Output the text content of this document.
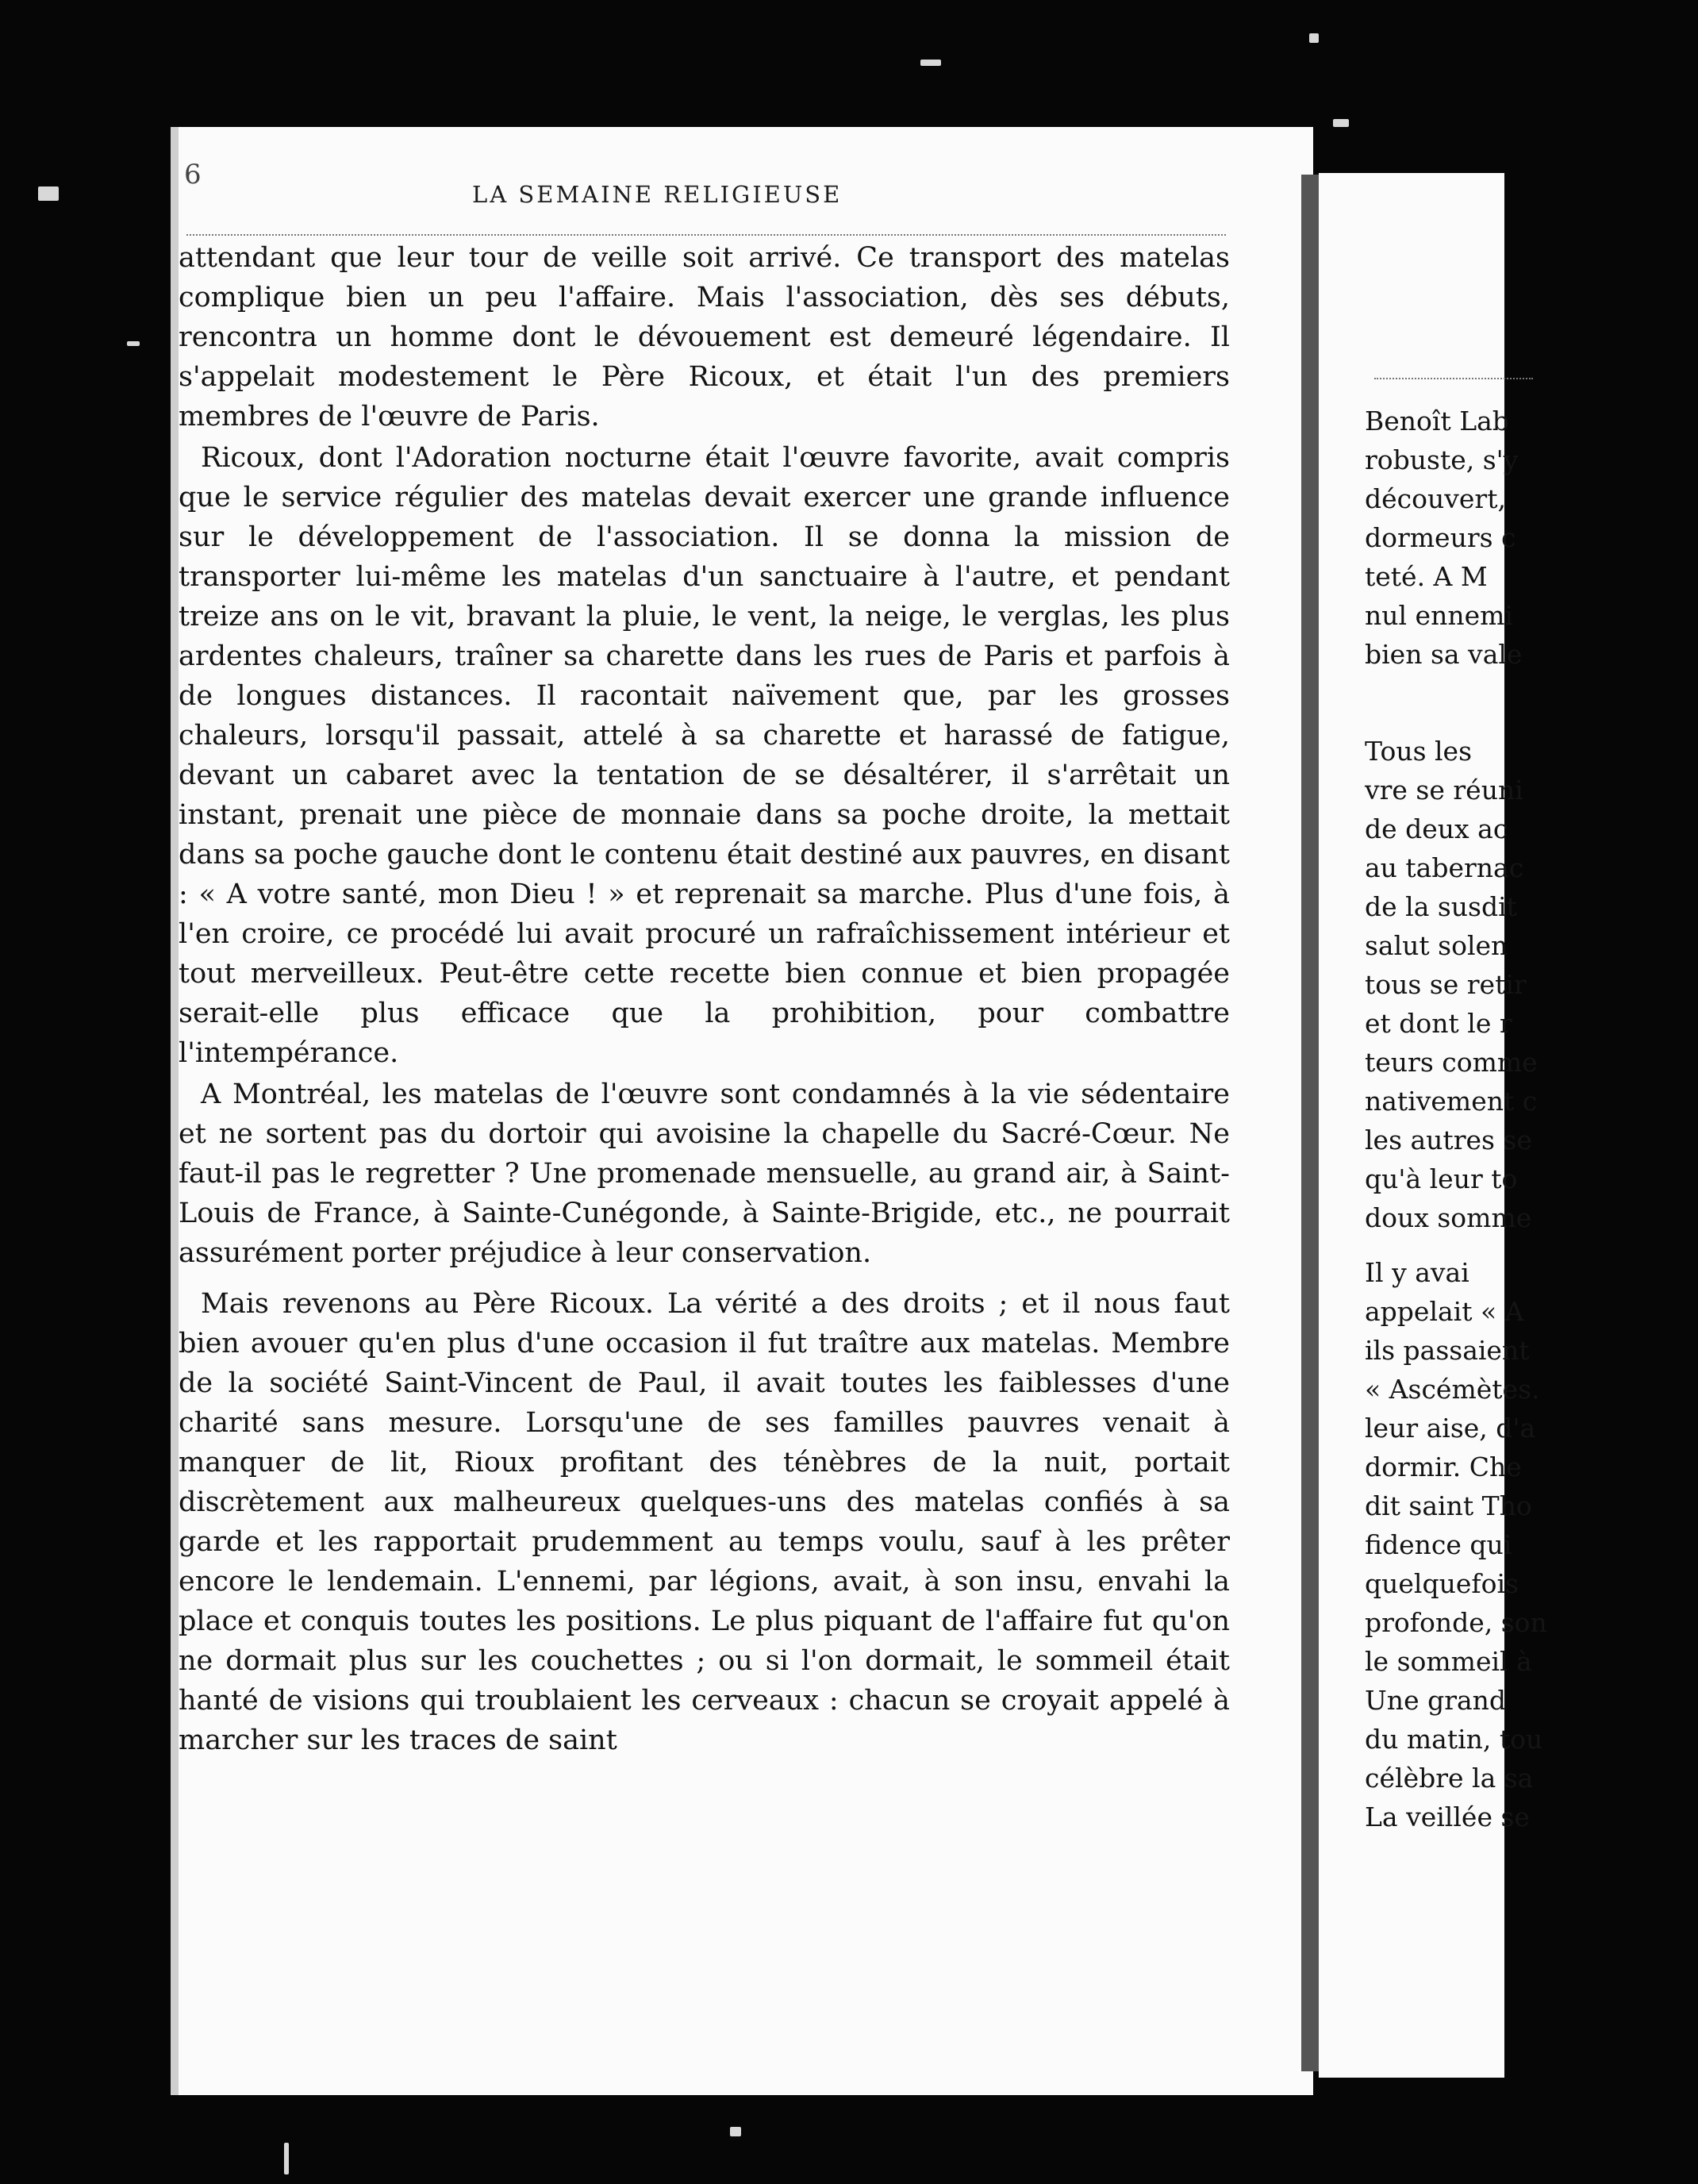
Benoît Lab
robuste, s'y
découvert,
dormeurs c
teté. A M
nul ennemi
bien sa vale
Tous les
vre se réuni
de deux ac
au tabernac
de la susdit
salut solen
tous se retir
et dont le r
teurs comme
nativement c
les autres se
qu'à leur to
doux somme
Il y avai
appelait « A
ils passaient
« Ascémètes.
leur aise, d'a
dormir. Che
dit saint Tho
fidence qui
quelquefois
profonde, son
le sommeil à
Une grand
du matin, tou
célèbre la sa
La veillée se
6
LA SEMAINE RELIGIEUSE

attendant que leur tour de veille soit arrivé. Ce transport des matelas complique bien un peu l'affaire. Mais l'association, dès ses débuts, rencontra un homme dont le dévouement est demeuré légendaire. Il s'appelait modestement le Père Ricoux, et était l'un des premiers membres de l'œuvre de Paris.

Ricoux, dont l'Adoration nocturne était l'œuvre favorite, avait compris que le service régulier des matelas devait exercer une grande influence sur le développement de l'association. Il se donna la mission de transporter lui-même les matelas d'un sanctuaire à l'autre, et pendant treize ans on le vit, bravant la pluie, le vent, la neige, le verglas, les plus ardentes chaleurs, traîner sa charette dans les rues de Paris et parfois à de longues distances. Il racontait naïvement que, par les grosses chaleurs, lorsqu'il passait, attelé à sa charette et harassé de fatigue, devant un cabaret avec la tentation de se désaltérer, il s'arrêtait un instant, prenait une pièce de monnaie dans sa poche droite, la mettait dans sa poche gauche dont le contenu était destiné aux pauvres, en disant : « A votre santé, mon Dieu ! » et reprenait sa marche. Plus d'une fois, à l'en croire, ce procédé lui avait procuré un rafraîchissement intérieur et tout merveilleux. Peut-être cette recette bien connue et bien propagée serait-elle plus efficace que la prohibition, pour combattre l'intempérance.

A Montréal, les matelas de l'œuvre sont condamnés à la vie sédentaire et ne sortent pas du dortoir qui avoisine la chapelle du Sacré-Cœur. Ne faut-il pas le regretter ? Une promenade mensuelle, au grand air, à Saint-Louis de France, à Sainte-Cunégonde, à Sainte-Brigide, etc., ne pourrait assurément porter préjudice à leur conservation.

Mais revenons au Père Ricoux. La vérité a des droits ; et il nous faut bien avouer qu'en plus d'une occasion il fut traître aux matelas. Membre de la société Saint-Vincent de Paul, il avait toutes les faiblesses d'une charité sans mesure. Lorsqu'une de ses familles pauvres venait à manquer de lit, Rioux profitant des ténèbres de la nuit, portait discrètement aux malheureux quelques-uns des matelas confiés à sa garde et les rapportait prudemment au temps voulu, sauf à les prêter encore le lendemain. L'ennemi, par légions, avait, à son insu, envahi la place et conquis toutes les positions. Le plus piquant de l'affaire fut qu'on ne dormait plus sur les couchettes ; ou si l'on dormait, le sommeil était hanté de visions qui troublaient les cerveaux : chacun se croyait appelé à marcher sur les traces de saint
